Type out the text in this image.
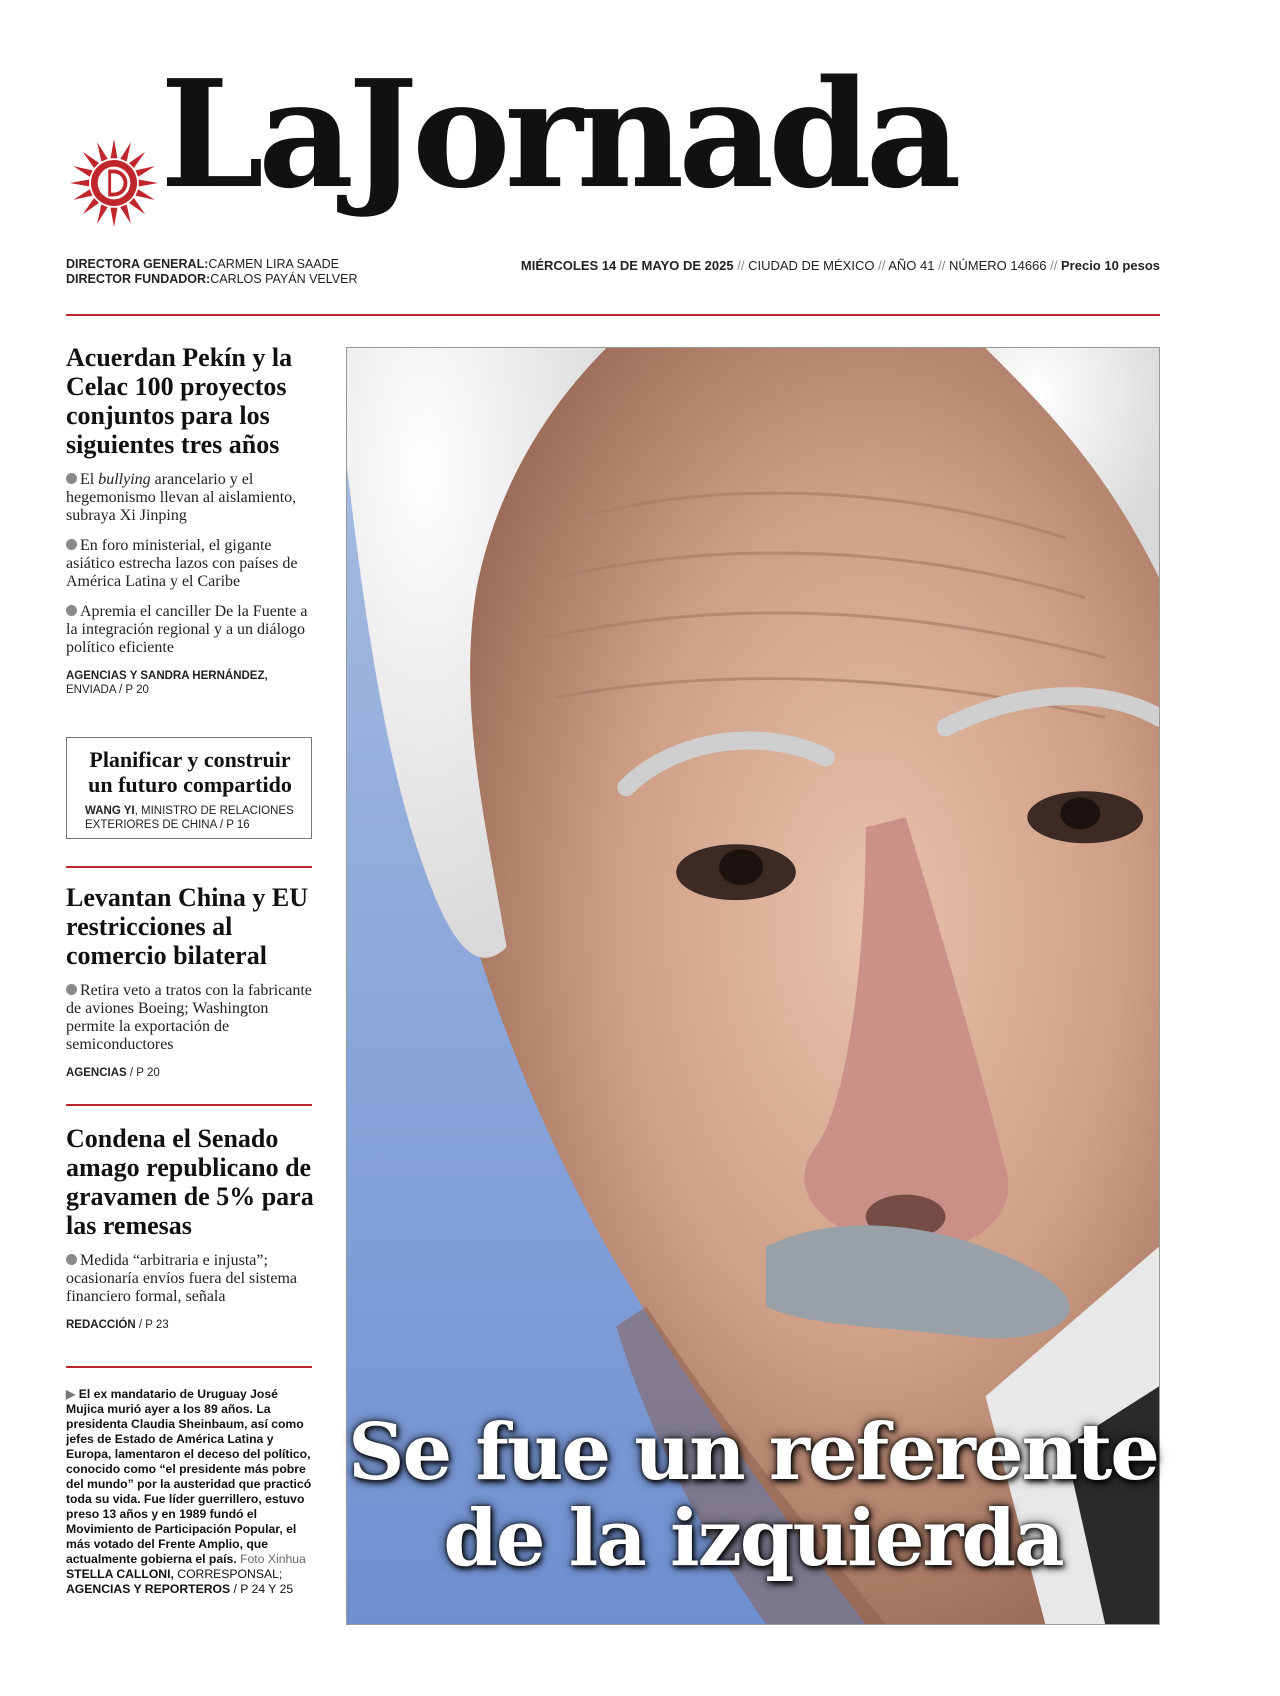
LaJornada
DIRECTORA GENERAL:CARMEN LIRA SAADE
DIRECTOR FUNDADOR:CARLOS PAYÁN VELVER
MIÉRCOLES 14 DE MAYO DE 2025 // CIUDAD DE MÉXICO // AÑO 41 // NÚMERO 14666 // Precio 10 pesos
Acuerdan Pekín y la Celac 100 proyectos conjuntos para los siguientes tres años

El bullying arancelario y el hegemonismo llevan al aislamiento, subraya Xi Jinping

En foro ministerial, el gigante asiático estrecha lazos con países de América Latina y el Caribe

Apremia el canciller De la Fuente a la integración regional y a un diálogo político eficiente

AGENCIAS Y SANDRA HERNÁNDEZ,
ENVIADA / P 20
Planificar y construir un futuro compartido
WANG YI, MINISTRO DE RELACIONES EXTERIORES DE CHINA / P 16
Levantan China y EU restricciones al comercio bilateral

Retira veto a tratos con la fabricante de aviones Boeing; Washington permite la exportación de semiconductores

AGENCIAS / P 20
Condena el Senado amago republicano de gravamen de 5% para las remesas

Medida “arbitraria e injusta”; ocasionaría envíos fuera del sistema financiero formal, señala

REDACCIÓN / P 23
▶ El ex mandatario de Uruguay José Mujica murió ayer a los 89 años. La presidenta Claudia Sheinbaum, así como jefes de Estado de América Latina y Europa, lamentaron el deceso del político, conocido como “el presidente más pobre del mundo” por la austeridad que practicó toda su vida. Fue líder guerrillero, estuvo preso 13 años y en 1989 fundó el Movimiento de Participación Popular, el más votado del Frente Amplio, que actualmente gobierna el país. Foto Xinhua
STELLA CALLONI, CORRESPONSAL;
AGENCIAS Y REPORTEROS / P 24 Y 25
Se fue un referente
de la izquierda
